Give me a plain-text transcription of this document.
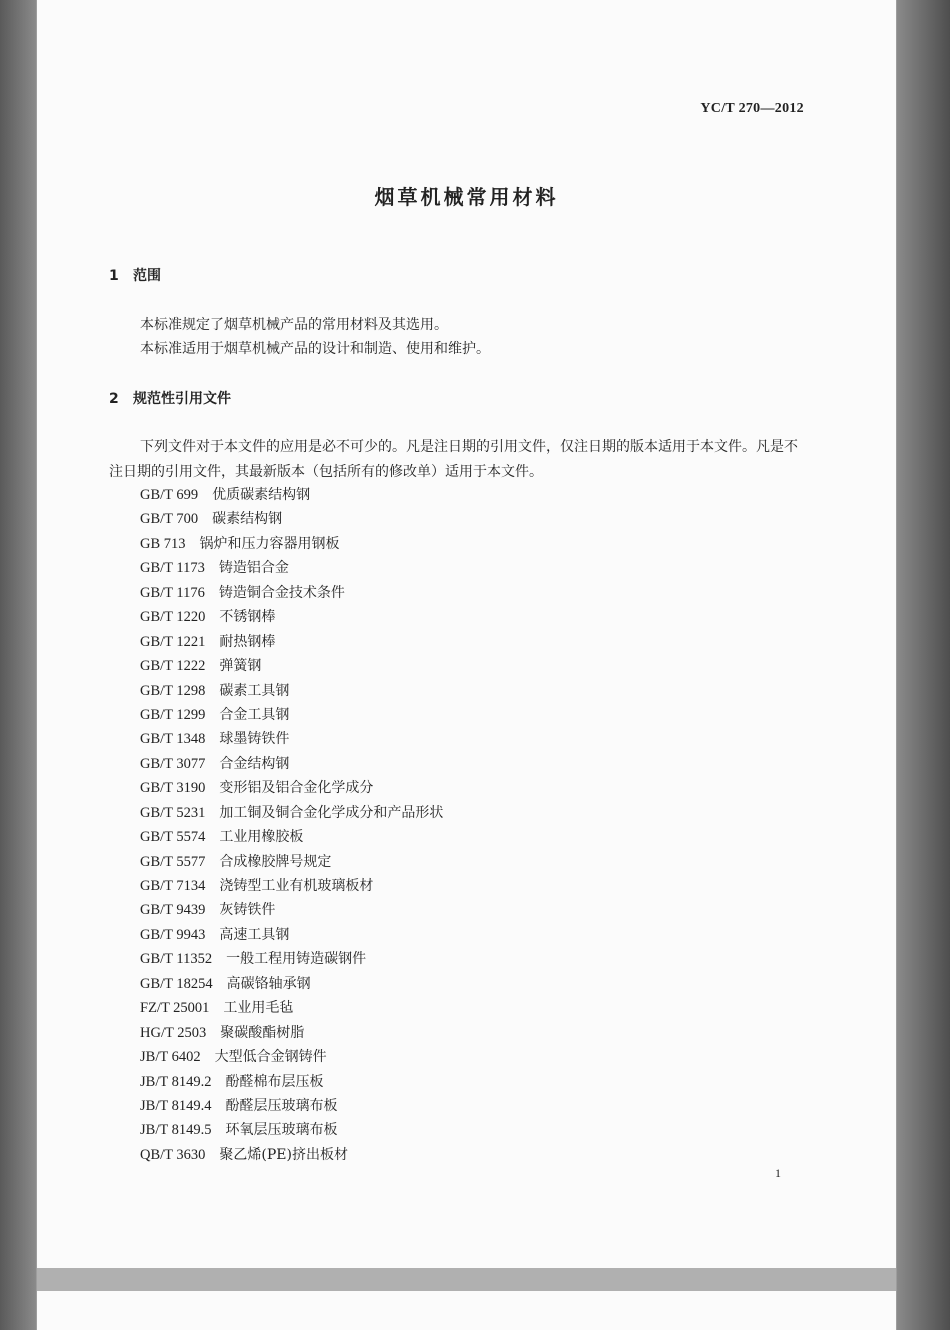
YC/T 270—2012
烟草机械常用材料
1 范围
本标准规定了烟草机械产品的常用材料及其选用。
本标准适用于烟草机械产品的设计和制造、使用和维护。
2 规范性引用文件
下列文件对于本文件的应用是必不可少的。凡是注日期的引用文件，仅注日期的版本适用于本文件。凡是不注日期的引用文件，其最新版本（包括所有的修改单）适用于本文件。
GB/T 699 优质碳素结构钢
GB/T 700 碳素结构钢
GB 713 锅炉和压力容器用钢板
GB/T 1173 铸造铝合金
GB/T 1176 铸造铜合金技术条件
GB/T 1220 不锈钢棒
GB/T 1221 耐热钢棒
GB/T 1222 弹簧钢
GB/T 1298 碳素工具钢
GB/T 1299 合金工具钢
GB/T 1348 球墨铸铁件
GB/T 3077 合金结构钢
GB/T 3190 变形铝及铝合金化学成分
GB/T 5231 加工铜及铜合金化学成分和产品形状
GB/T 5574 工业用橡胶板
GB/T 5577 合成橡胶牌号规定
GB/T 7134 浇铸型工业有机玻璃板材
GB/T 9439 灰铸铁件
GB/T 9943 高速工具钢
GB/T 11352 一般工程用铸造碳钢件
GB/T 18254 高碳铬轴承钢
FZ/T 25001 工业用毛毡
HG/T 2503 聚碳酸酯树脂
JB/T 6402 大型低合金钢铸件
JB/T 8149.2 酚醛棉布层压板
JB/T 8149.4 酚醛层压玻璃布板
JB/T 8149.5 环氧层压玻璃布板
QB/T 3630 聚乙烯(PE)挤出板材
1
